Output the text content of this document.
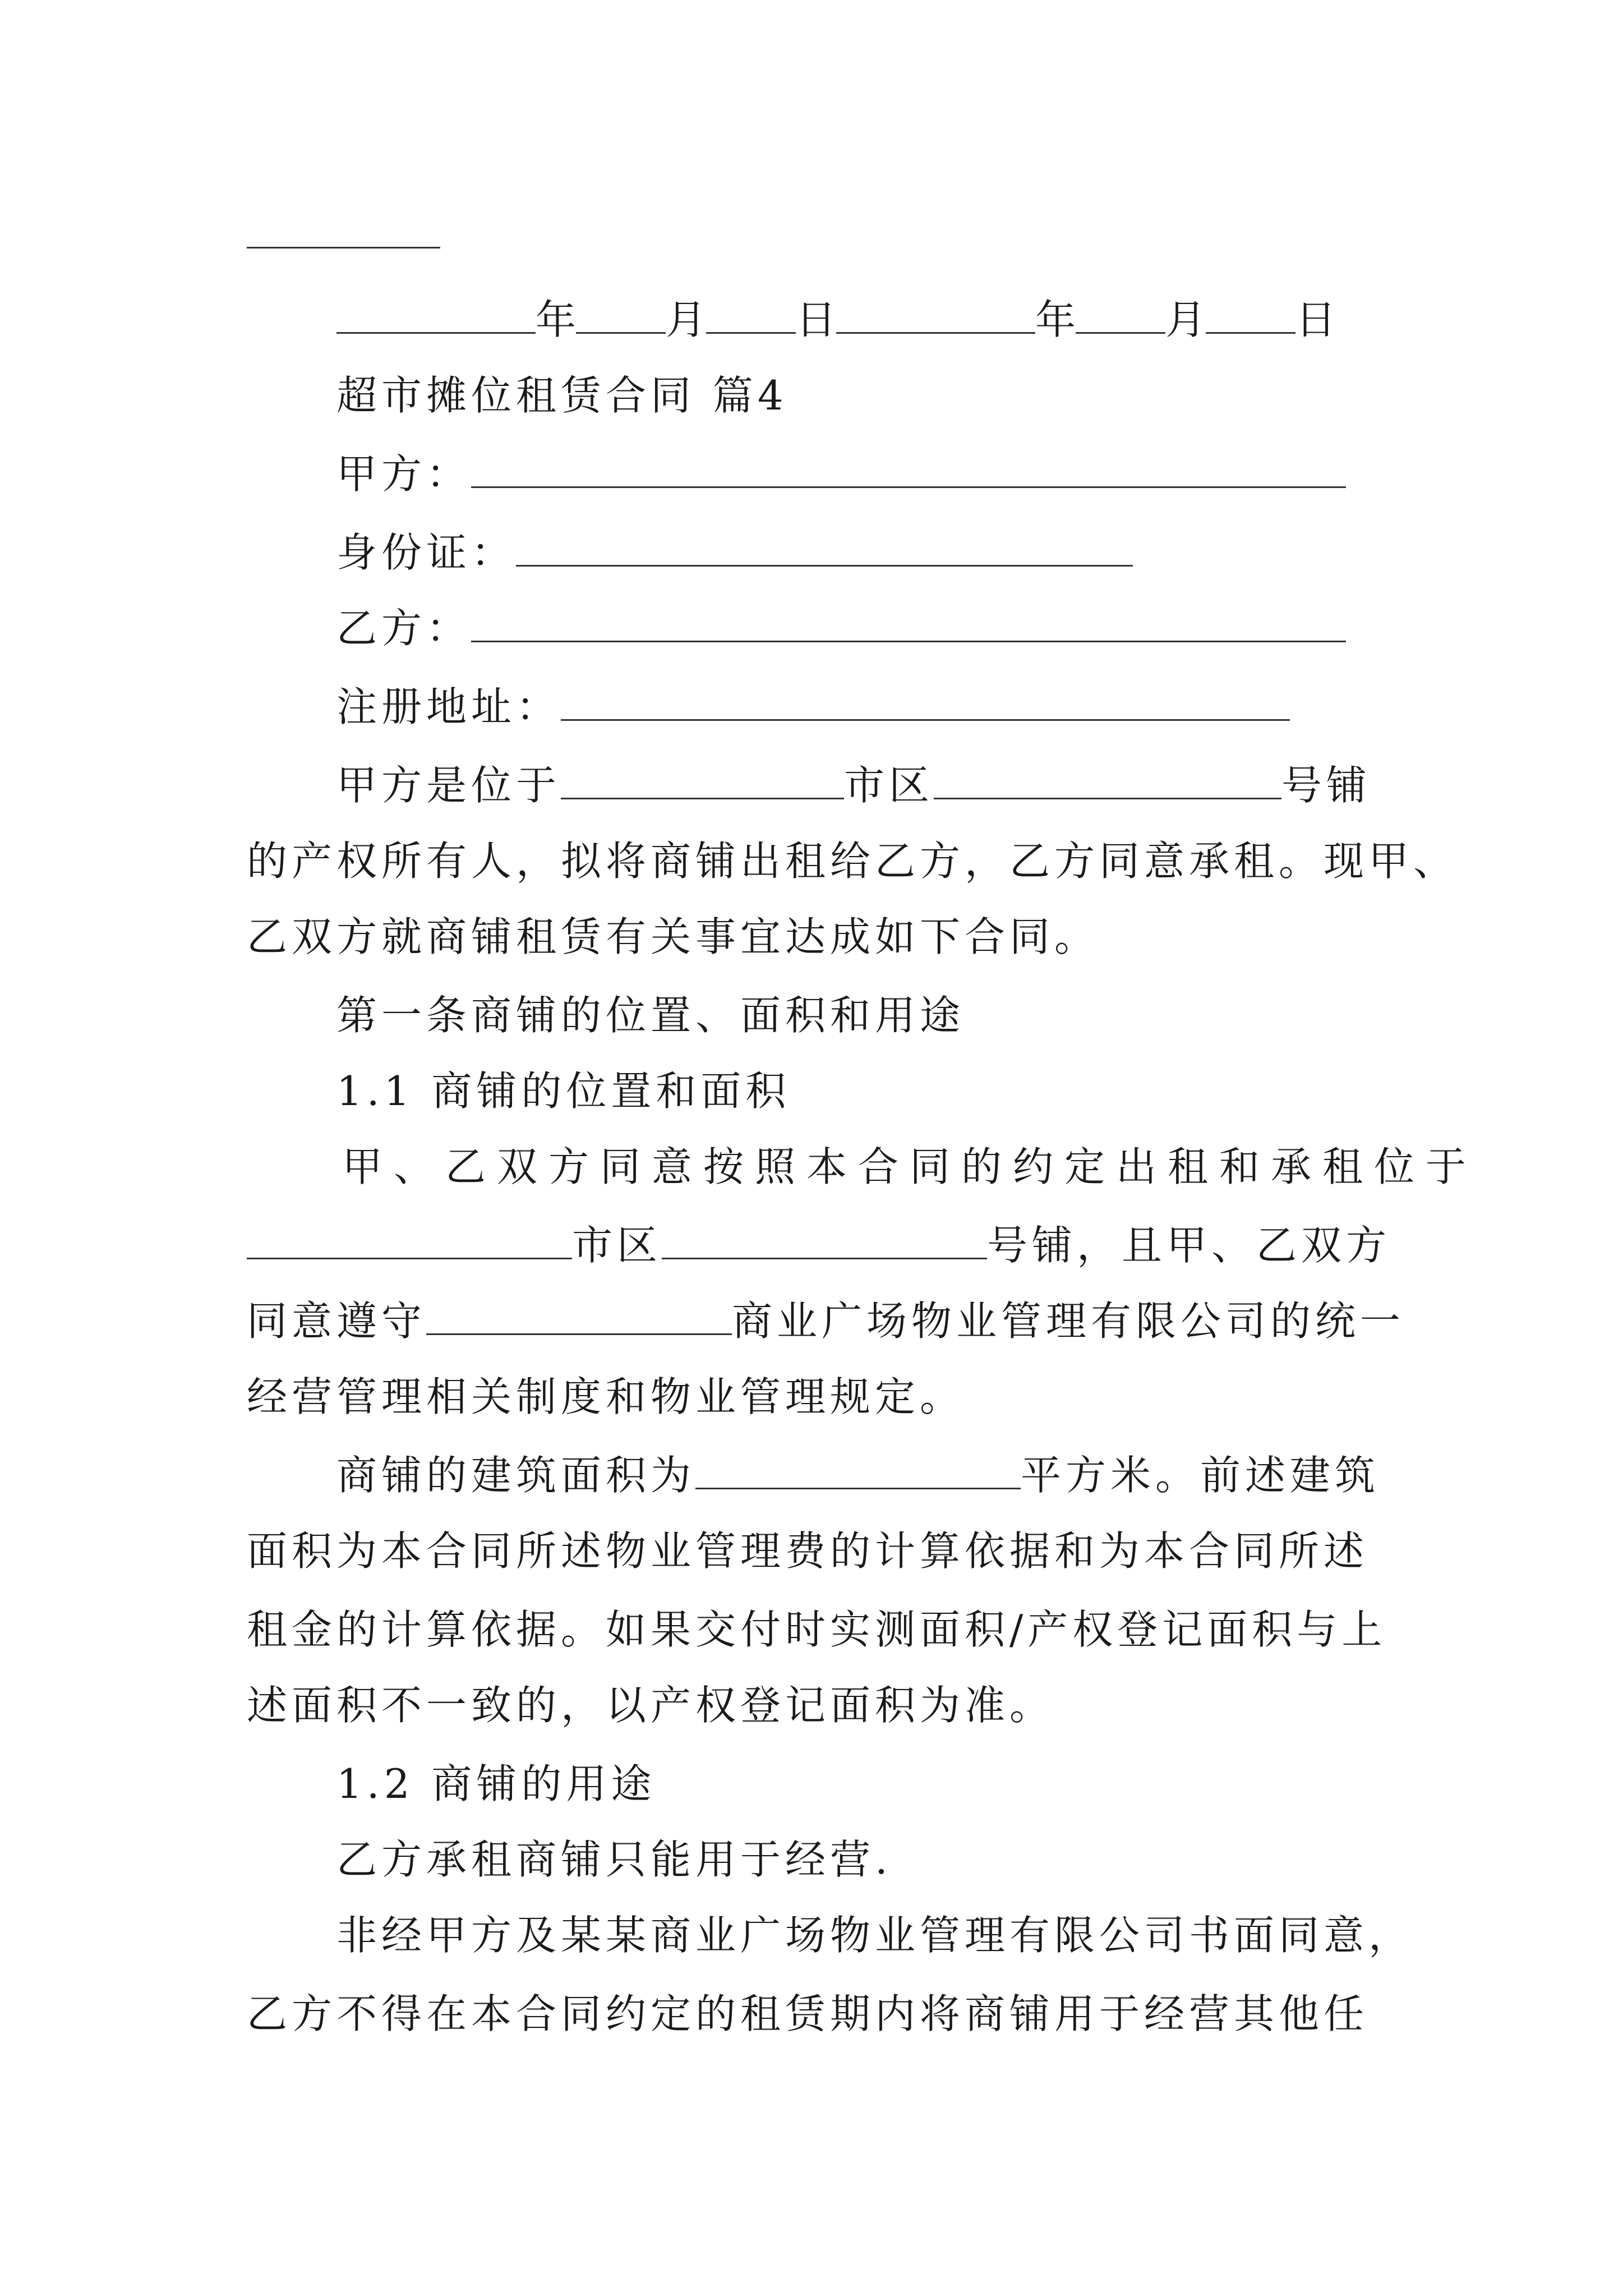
年 月 日	年 月 日
超市摊位租赁合同 篇4
甲方：
身份证：
乙方：
注册地址：
甲方是位于	市区	号铺
的产权所有人，拟将商铺出租给乙方，乙方同意承租。现甲、
乙双方就商铺租赁有关事宜达成如下合同。
第一条商铺的位置、面积和用途
1.1 商铺的位置和面积
甲、乙双方同意按照本合同的约定出租和承租位于
市区	号铺，且甲、乙双方
同意遵守	商业广场物业管理有限公司的统一
经营管理相关制度和物业管理规定。
商铺的建筑面积为	平方米。前述建筑
面积为本合同所述物业管理费的计算依据和为本合同所述
租金的计算依据。如果交付时实测面积/产权登记面积与上
述面积不一致的，以产权登记面积为准。
1.2 商铺的用途
乙方承租商铺只能用于经营.
非经甲方及某某商业广场物业管理有限公司书面同意，
乙方不得在本合同约定的租赁期内将商铺用于经营其他任
